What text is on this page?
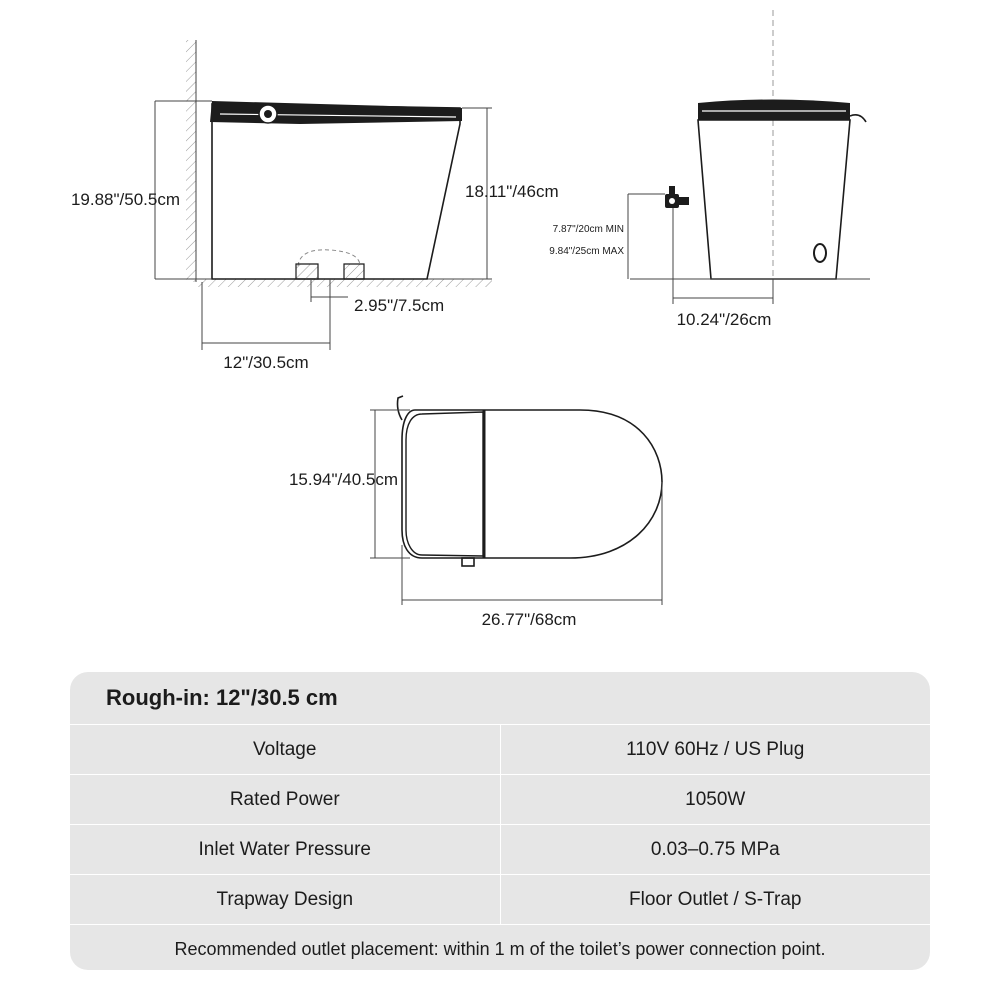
19.88"/50.5cm	18.11"/46cm
2.95"/7.5cm
12"/30.5cm
7.87"/20cm MIN
9.84"/25cm MAX
10.24"/26cm
15.94"/40.5cm
26.77"/68cm
Rough-in: 12"/30.5 cm
Voltage	110V 60Hz / US Plug
Rated Power	1050W
Inlet Water Pressure	0.03–0.75 MPa
Trapway Design	Floor Outlet / S-Trap
Recommended outlet placement: within 1 m of the toilet’s power connection point.
